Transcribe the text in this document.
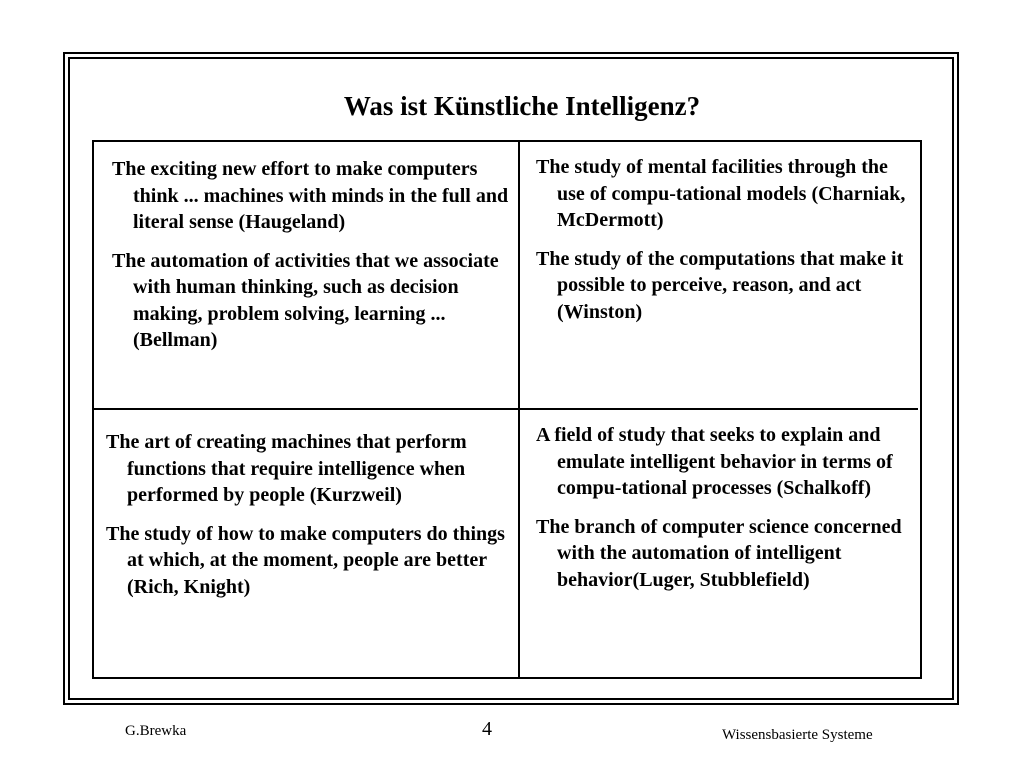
Was ist Künstliche Intelligenz?

The exciting new effort to make computers think ... machines with minds in the full and literal sense (Haugeland)

The automation of activities that we associate with human thinking, such as decision making, problem solving, learning ... (Bellman)

The study of mental facilities through the use of compu-tational models (Charniak, McDermott)

The study of the computations that make it possible to perceive, reason, and act (Winston)

The art of creating machines that perform functions that require intelligence when performed by people (Kurzweil)

The study of how to make computers do things at which, at the moment, people are better (Rich, Knight)

A field of study that seeks to explain and emulate intelligent behavior in terms of compu-tational processes (Schalkoff)

The branch of computer science concerned with the automation of intelligent behavior(Luger, Stubblefield)

G.Brewka	4	Wissensbasierte Systeme
